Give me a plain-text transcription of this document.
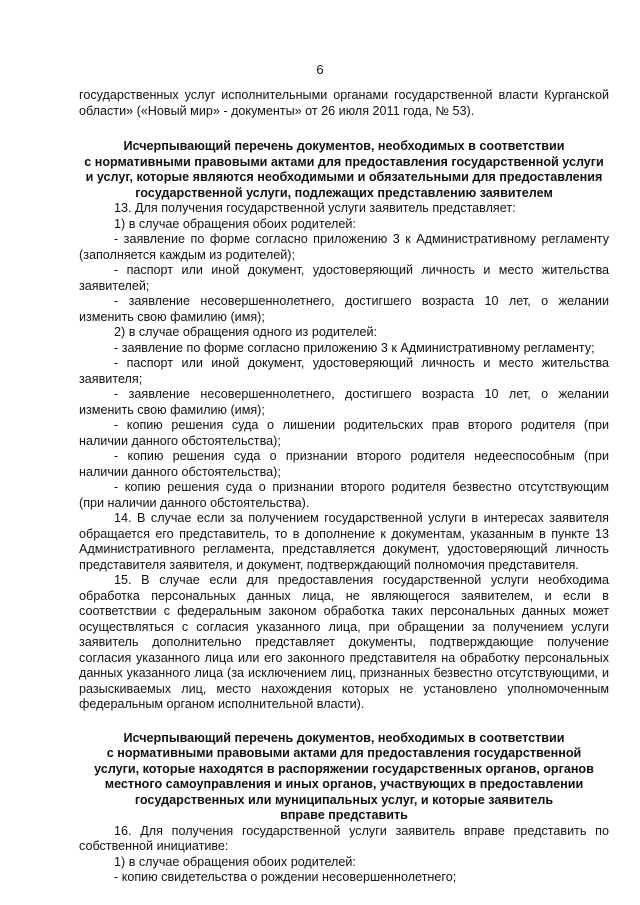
6

государственных услуг исполнительными органами государственной власти Курганской области» («Новый мир» - документы» от 26 июля 2011 года, № 53).

Исчерпывающий перечень документов, необходимых в соответствии
с нормативными правовыми актами для предоставления государственной услуги
и услуг, которые являются необходимыми и обязательными для предоставления
государственной услуги, подлежащих представлению заявителем

13. Для получения государственной услуги заявитель представляет:

1) в случае обращения обоих родителей:

- заявление по форме согласно приложению 3 к Административному регламенту (заполняется каждым из родителей);

- паспорт или иной документ, удостоверяющий личность и место жительства заявителей;

- заявление несовершеннолетнего, достигшего возраста 10 лет, о желании изменить свою фамилию (имя);

2) в случае обращения одного из родителей:

- заявление по форме согласно приложению 3 к Административному регламенту;

- паспорт или иной документ, удостоверяющий личность и место жительства заявителя;

- заявление несовершеннолетнего, достигшего возраста 10 лет, о желании изменить свою фамилию (имя);

- копию решения суда о лишении родительских прав второго родителя (при наличии данного обстоятельства);

- копию решения суда о признании второго родителя недееспособным (при наличии данного обстоятельства);

- копию решения суда о признании второго родителя безвестно отсутствующим (при наличии данного обстоятельства).

14. В случае если за получением государственной услуги в интересах заявителя обращается его представитель, то в дополнение к документам, указанным в пункте 13 Административного регламента, представляется документ, удостоверяющий личность представителя заявителя, и документ, подтверждающий полномочия представителя.

15. В случае если для предоставления государственной услуги необходима обработка персональных данных лица, не являющегося заявителем, и если в соответствии с федеральным законом обработка таких персональных данных может осуществляться с согласия указанного лица, при обращении за получением услуги заявитель дополнительно представляет документы, подтверждающие получение согласия указанного лица или его законного представителя на обработку персональных данных указанного лица (за исключением лиц, признанных безвестно отсутствующими, и разыскиваемых лиц, место нахождения которых не установлено уполномоченным федеральным органом исполнительной власти).

Исчерпывающий перечень документов, необходимых в соответствии
с нормативными правовыми актами для предоставления государственной
услуги, которые находятся в распоряжении государственных органов, органов
местного самоуправления и иных органов, участвующих в предоставлении
государственных или муниципальных услуг, и которые заявитель
вправе представить

16. Для получения государственной услуги заявитель вправе представить по собственной инициативе:

1) в случае обращения обоих родителей:

- копию свидетельства о рождении несовершеннолетнего;
